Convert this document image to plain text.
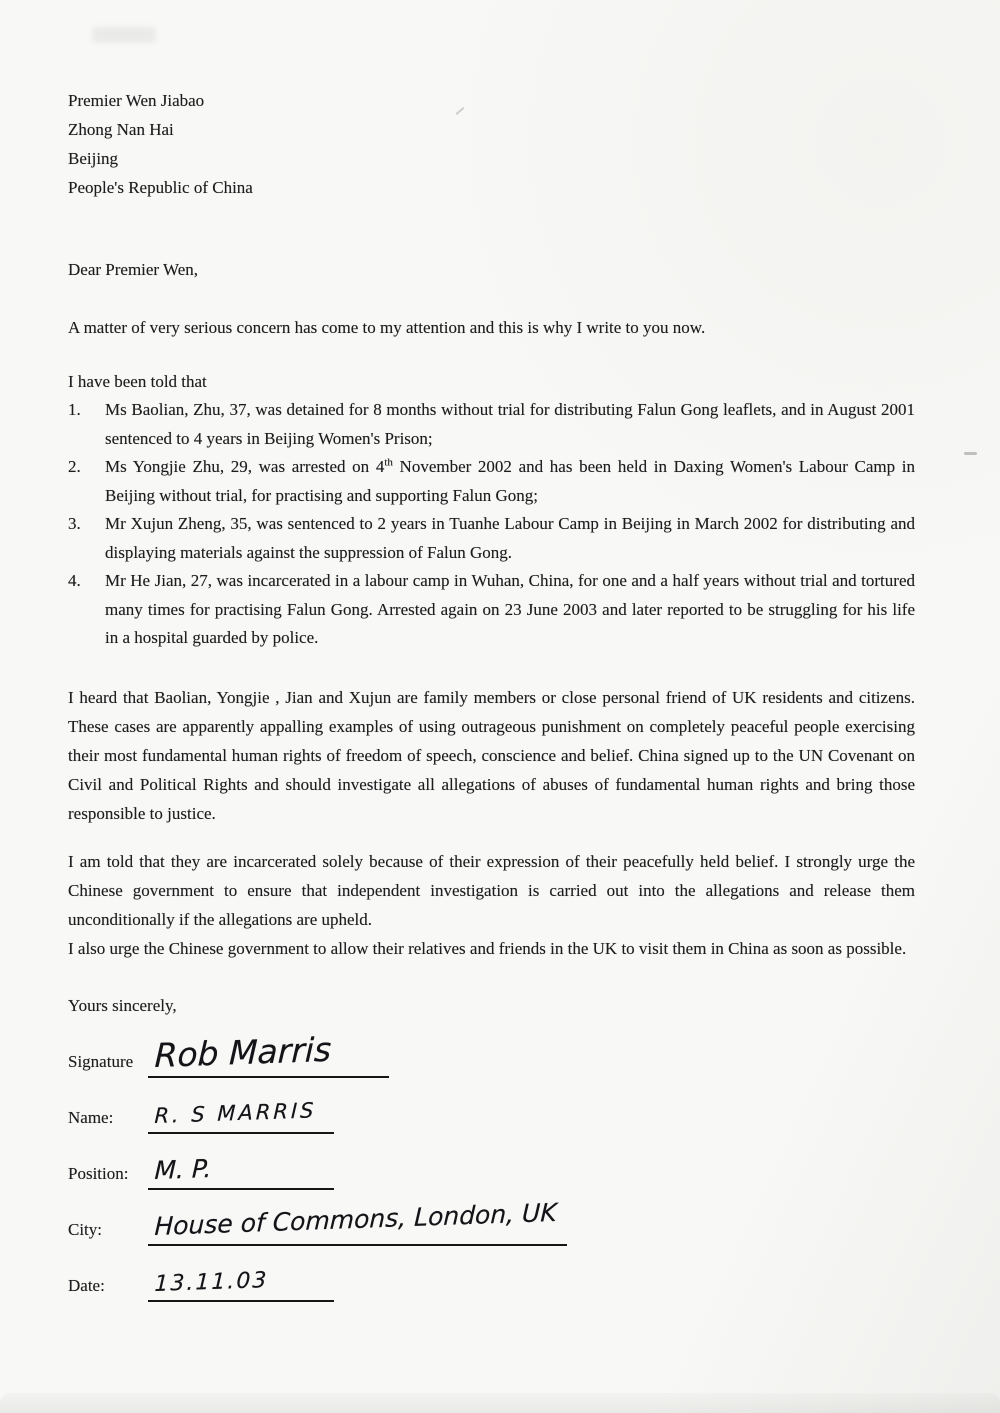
Premier Wen Jiabao
Zhong Nan Hai
Beijing
People's Republic of China
Dear Premier Wen,

A matter of very serious concern has come to my attention and this is why I write to you now.

I have been told that
1.	Ms Baolian, Zhu, 37, was detained for 8 months without trial for distributing Falun Gong leaflets, and in August 2001 sentenced to 4 years in Beijing Women's Prison;
2.	Ms Yongjie Zhu, 29, was arrested on 4th November 2002 and has been held in Daxing Women's Labour Camp in Beijing without trial, for practising and supporting Falun Gong;
3.	Mr Xujun Zheng, 35, was sentenced to 2 years in Tuanhe Labour Camp in Beijing in March 2002 for distributing and displaying materials against the suppression of Falun Gong.
4.	Mr He Jian, 27, was incarcerated in a labour camp in Wuhan, China, for one and a half years without trial and tortured many times for practising Falun Gong. Arrested again on 23 June 2003 and later reported to be struggling for his life in a hospital guarded by police.

I heard that Baolian, Yongjie , Jian and Xujun are family members or close personal friend of UK residents and citizens. These cases are apparently appalling examples of using outrageous punishment on completely peaceful people exercising their most fundamental human rights of freedom of speech, conscience and belief. China signed up to the UN Covenant on Civil and Political Rights and should investigate all allegations of abuses of fundamental human rights and bring those responsible to justice.

I am told that they are incarcerated solely because of their expression of their peacefully held belief. I strongly urge the Chinese government to ensure that independent investigation is carried out into the allegations and release them unconditionally if the allegations are upheld.

I also urge the Chinese government to allow their relatives and friends in the UK to visit them in China as soon as possible.

Yours sincerely,
Signature Rob Marris
Name:	R. S MARRIS
Position:	M. P.
City:	House of Commons, London, UK
Date:	13.11.03
